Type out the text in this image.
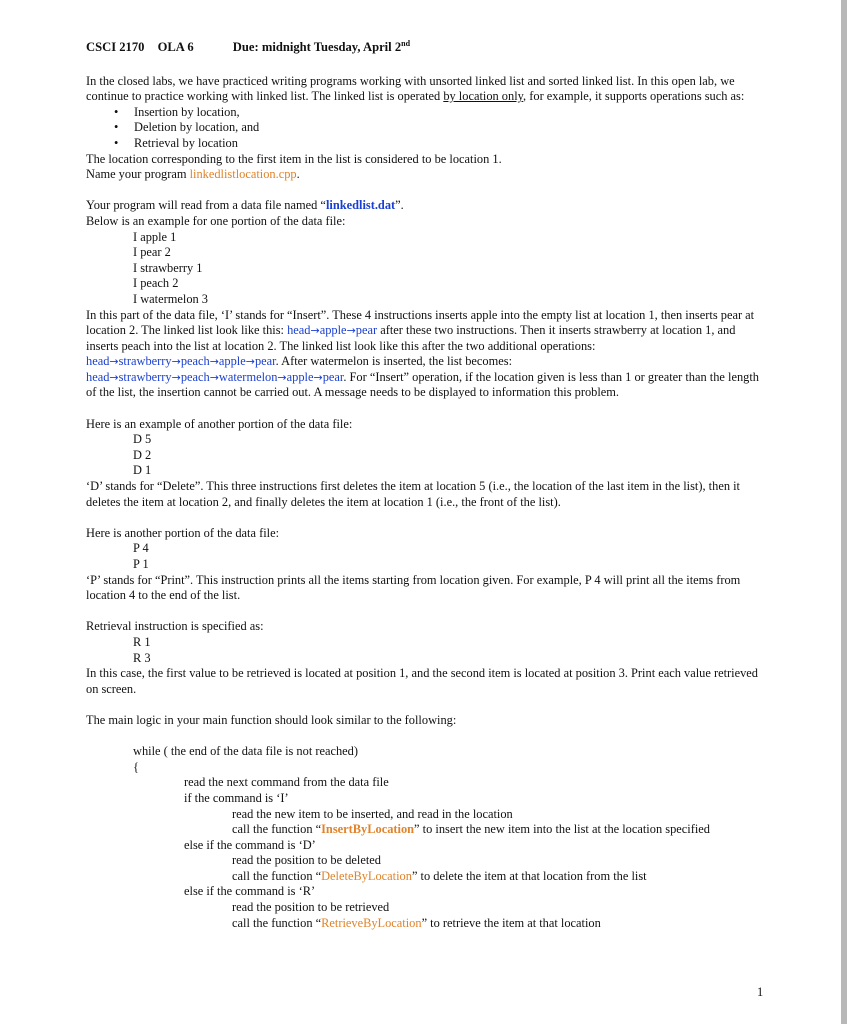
CSCI 2170 OLA 6	Due: midnight Tuesday, April 2nd

In the closed labs, we have practiced writing programs working with unsorted linked list and sorted linked list. In this open lab, we continue to practice working with linked list. The linked list is operated by location only, for example, it supports operations such as:

• Insertion by location,
• Deletion by location, and
• Retrieval by location

The location corresponding to the first item in the list is considered to be location 1.

Name your program linkedlistlocation.cpp.

Your program will read from a data file named “linkedlist.dat”.

Below is an example for one portion of the data file:

I apple 1

I pear 2

I strawberry 1

I peach 2

I watermelon 3

In this part of the data file, ‘I’ stands for “Insert”. These 4 instructions inserts apple into the empty list at location 1, then inserts pear at location 2. The linked list look like this: head→apple→pear after these two instructions. Then it inserts strawberry at location 1, and inserts peach into the list at location 2. The linked list look like this after the two additional operations: head→strawberry→peach→apple→pear. After watermelon is inserted, the list becomes: head→strawberry→peach→watermelon→apple→pear. For “Insert” operation, if the location given is less than 1 or greater than the length of the list, the insertion cannot be carried out. A message needs to be displayed to information this problem.

Here is an example of another portion of the data file:

D 5

D 2

D 1

‘D’ stands for “Delete”. This three instructions first deletes the item at location 5 (i.e., the location of the last item in the list), then it deletes the item at location 2, and finally deletes the item at location 1 (i.e., the front of the list).

Here is another portion of the data file:

P 4

P 1

‘P’ stands for “Print”. This instruction prints all the items starting from location given. For example, P 4 will print all the items from location 4 to the end of the list.

Retrieval instruction is specified as:

R 1

R 3

In this case, the first value to be retrieved is located at position 1, and the second item is located at position 3. Print each value retrieved on screen.

The main logic in your main function should look similar to the following:

while ( the end of the data file is not reached)

{

read the next command from the data file

if the command is ‘I’

read the new item to be inserted, and read in the location

call the function “InsertByLocation” to insert the new item into the list at the location specified

else if the command is ‘D’

read the position to be deleted

call the function “DeleteByLocation” to delete the item at that location from the list

else if the command is ‘R’

read the position to be retrieved

call the function “RetrieveByLocation” to retrieve the item at that location

1
